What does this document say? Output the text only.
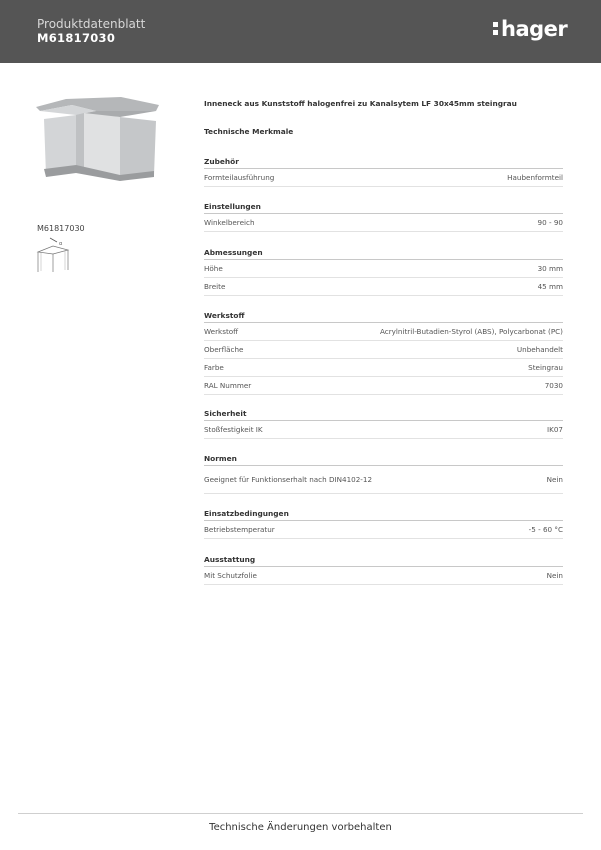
Produktdatenblatt
M61817030	hager
M61817030
α
Inneneck aus Kunststoff halogenfrei zu Kanalsytem LF 30x45mm steingrau
Technische Merkmale
Zubehör
Formteilausführung	Haubenformteil
Einstellungen
Winkelbereich	90 - 90
Abmessungen
Höhe	30 mm
Breite	45 mm
Werkstoff
Werkstoff	Acrylnitril-Butadien-Styrol (ABS), Polycarbonat (PC)
Oberfläche	Unbehandelt
Farbe	Steingrau
RAL Nummer	7030
Sicherheit
Stoßfestigkeit IK	IK07
Normen
Geeignet für Funktionserhalt nach DIN4102-12	Nein
Einsatzbedingungen
Betriebstemperatur	-5 - 60 °C
Ausstattung
Mit Schutzfolie	Nein
Technische Änderungen vorbehalten
